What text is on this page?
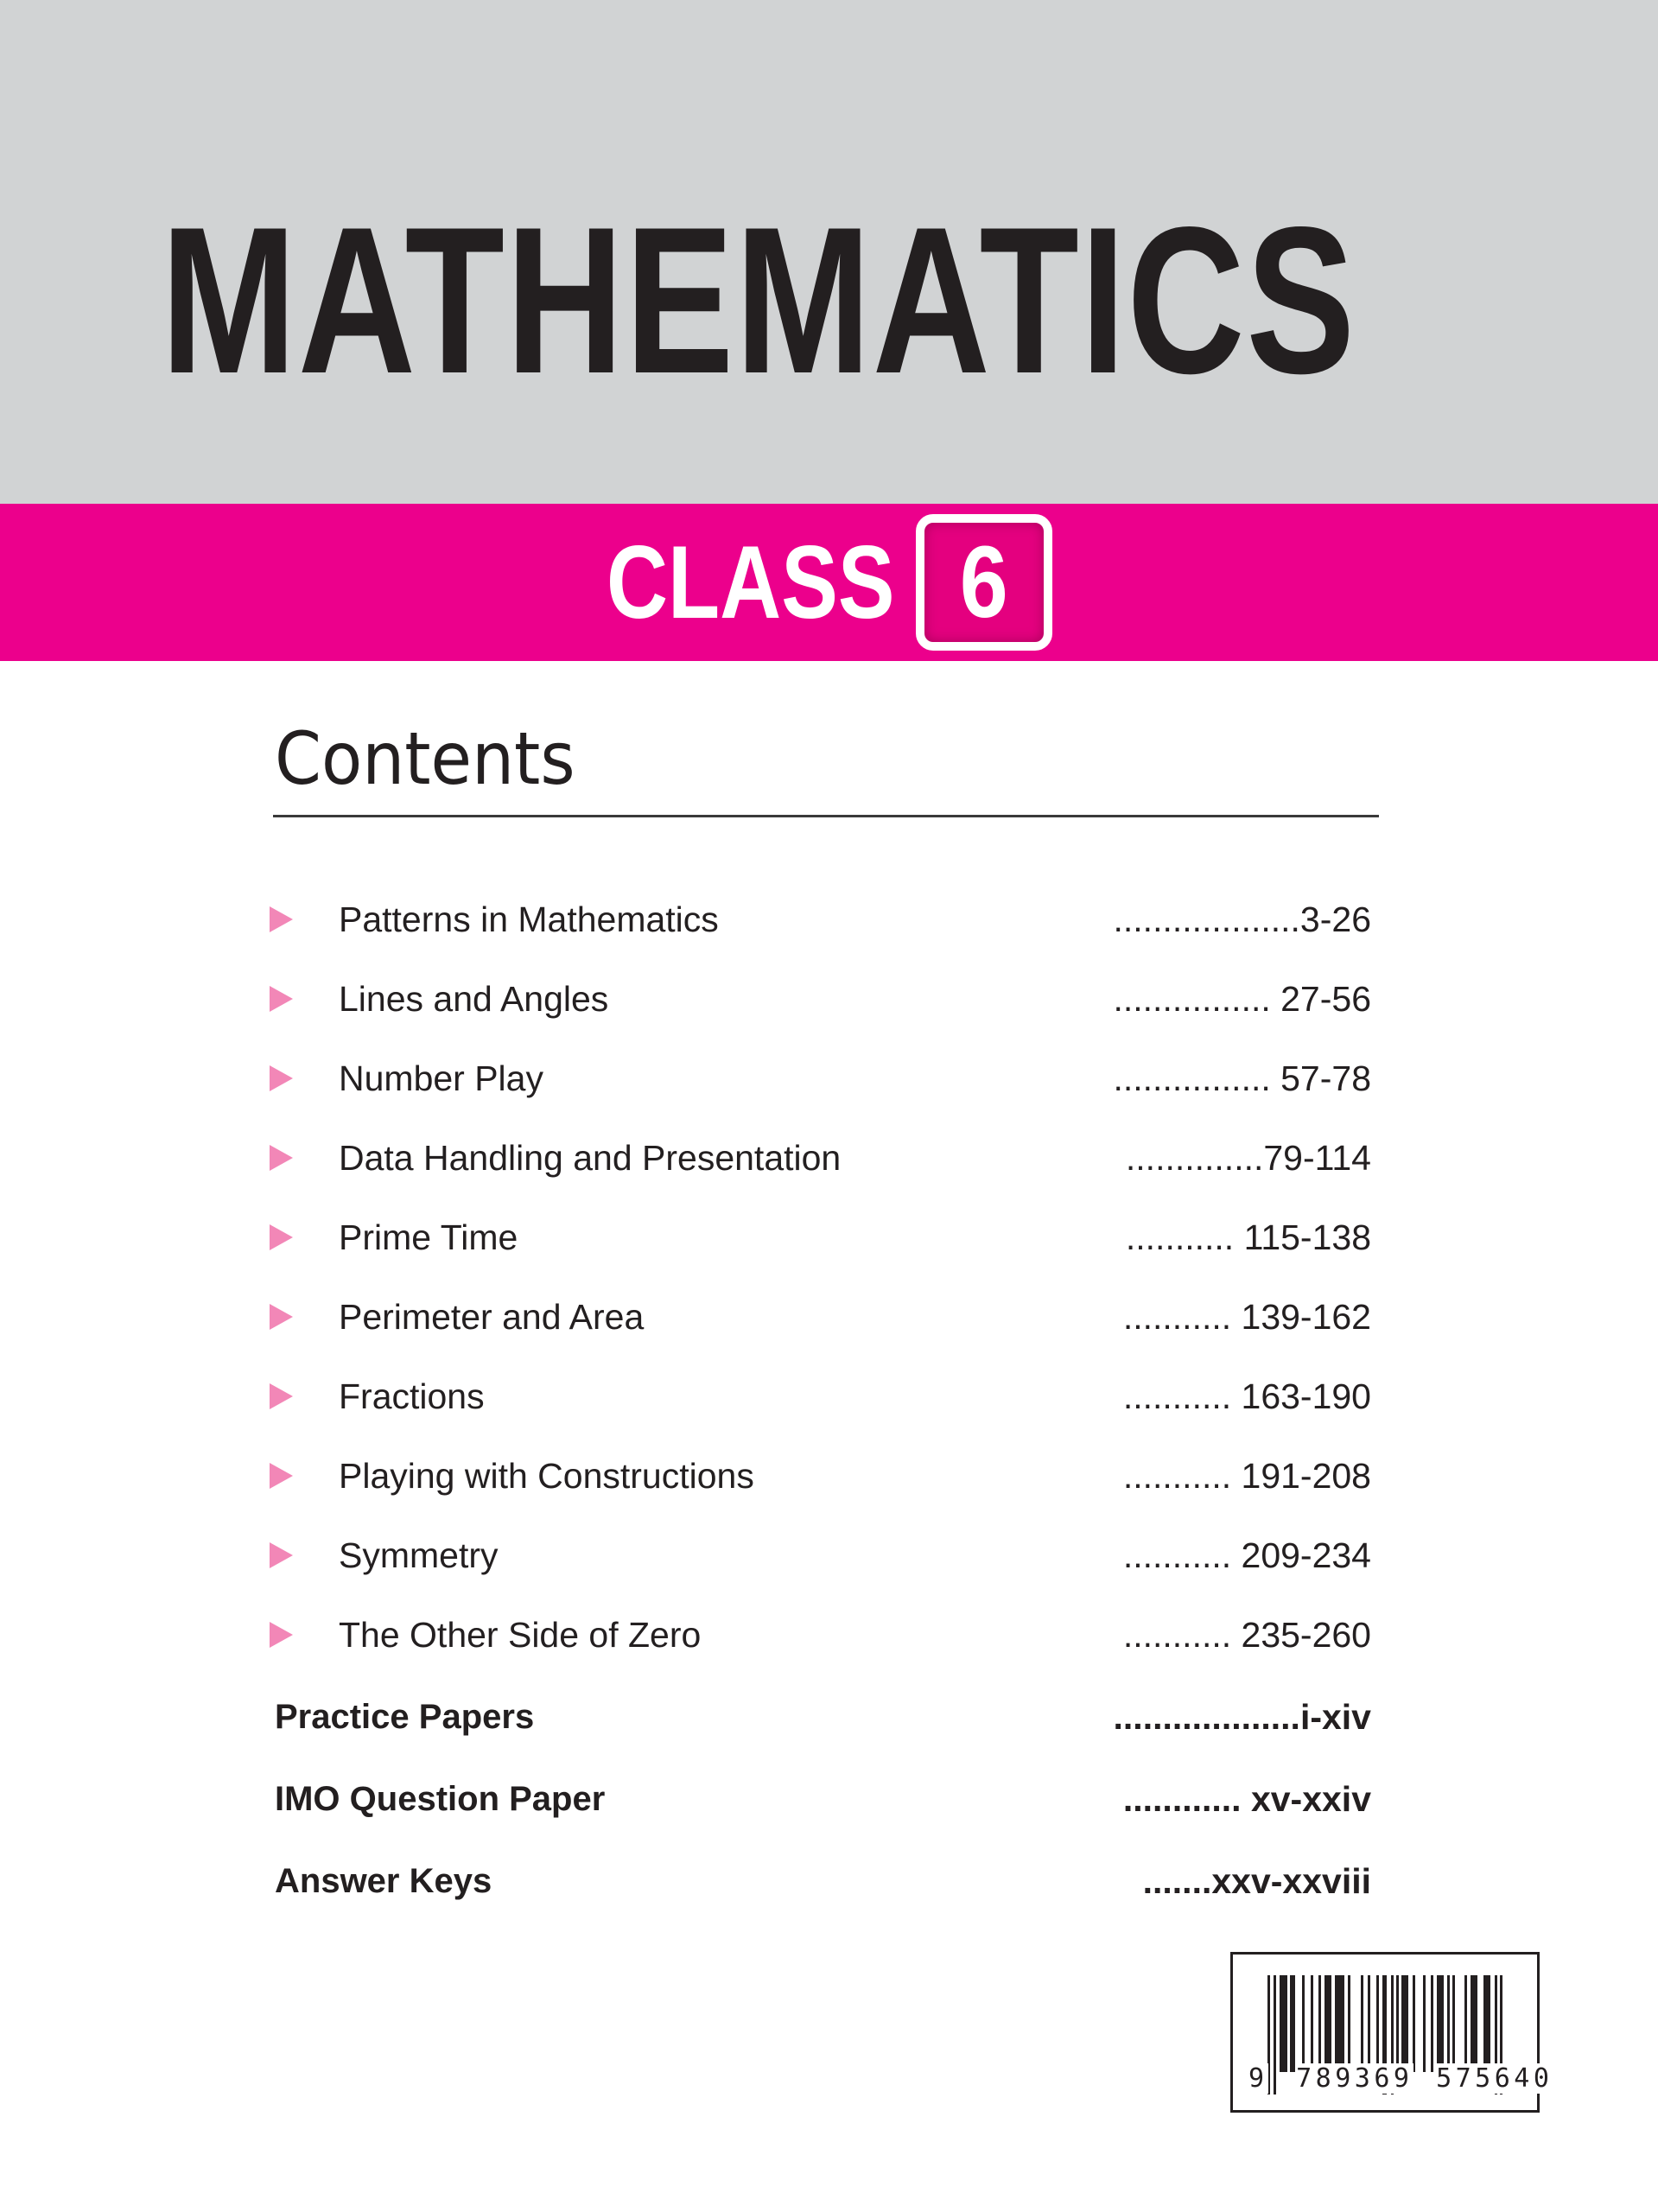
MATHEMATICS
CLASS 6
Contents
Patterns in Mathematics	...................3-26
Lines and Angles	................ 27-56
Number Play	................ 57-78
Data Handling and Presentation	..............79-114
Prime Time	........... 115-138
Perimeter and Area	........... 139-162
Fractions	........... 163-190
Playing with Constructions	........... 191-208
Symmetry	........... 209-234
The Other Side of Zero	........... 235-260
Practice Papers	...................i-xiv
IMO Question Paper	............ xv-xxiv
Answer Keys	.......xxv-xxviii
9 789369 575640
